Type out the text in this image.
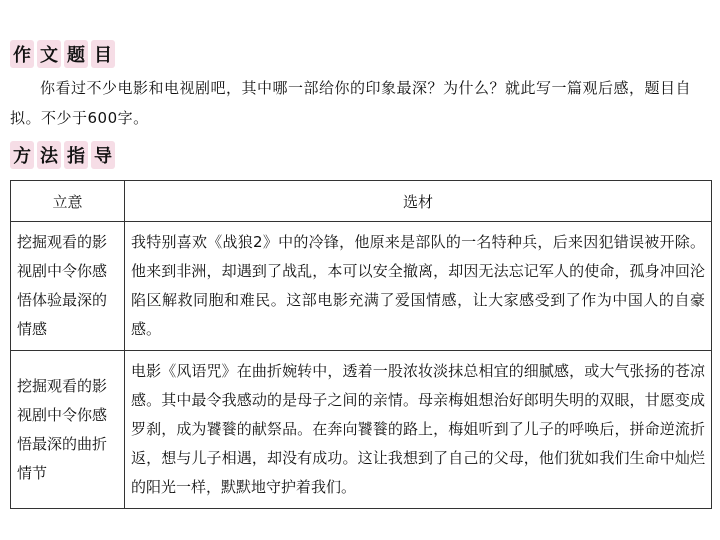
作 文 题 目

你看过不少电影和电视剧吧，其中哪一部给你的印象最深？为什么？就此写一篇观后感，题目自拟。不少于600字。

方 法 指 导
立意	选材
挖掘观看的影视剧中令你感悟体验最深的情感	我特别喜欢《战狼2》中的冷锋，他原来是部队的一名特种兵，后来因犯错误被开除。他来到非洲，却遇到了战乱，本可以安全撤离，却因无法忘记军人的使命，孤身冲回沦陷区解救同胞和难民。这部电影充满了爱国情感，让大家感受到了作为中国人的自豪感。
挖掘观看的影视剧中令你感悟最深的曲折情节	电影《风语咒》在曲折婉转中，透着一股浓妆淡抹总相宜的细腻感，或大气张扬的苍凉感。其中最令我感动的是母子之间的亲情。母亲梅姐想治好郎明失明的双眼，甘愿变成罗刹，成为饕餮的献祭品。在奔向饕餮的路上，梅姐听到了儿子的呼唤后，拼命逆流折返，想与儿子相遇，却没有成功。这让我想到了自己的父母，他们犹如我们生命中灿烂的阳光一样，默默地守护着我们。
